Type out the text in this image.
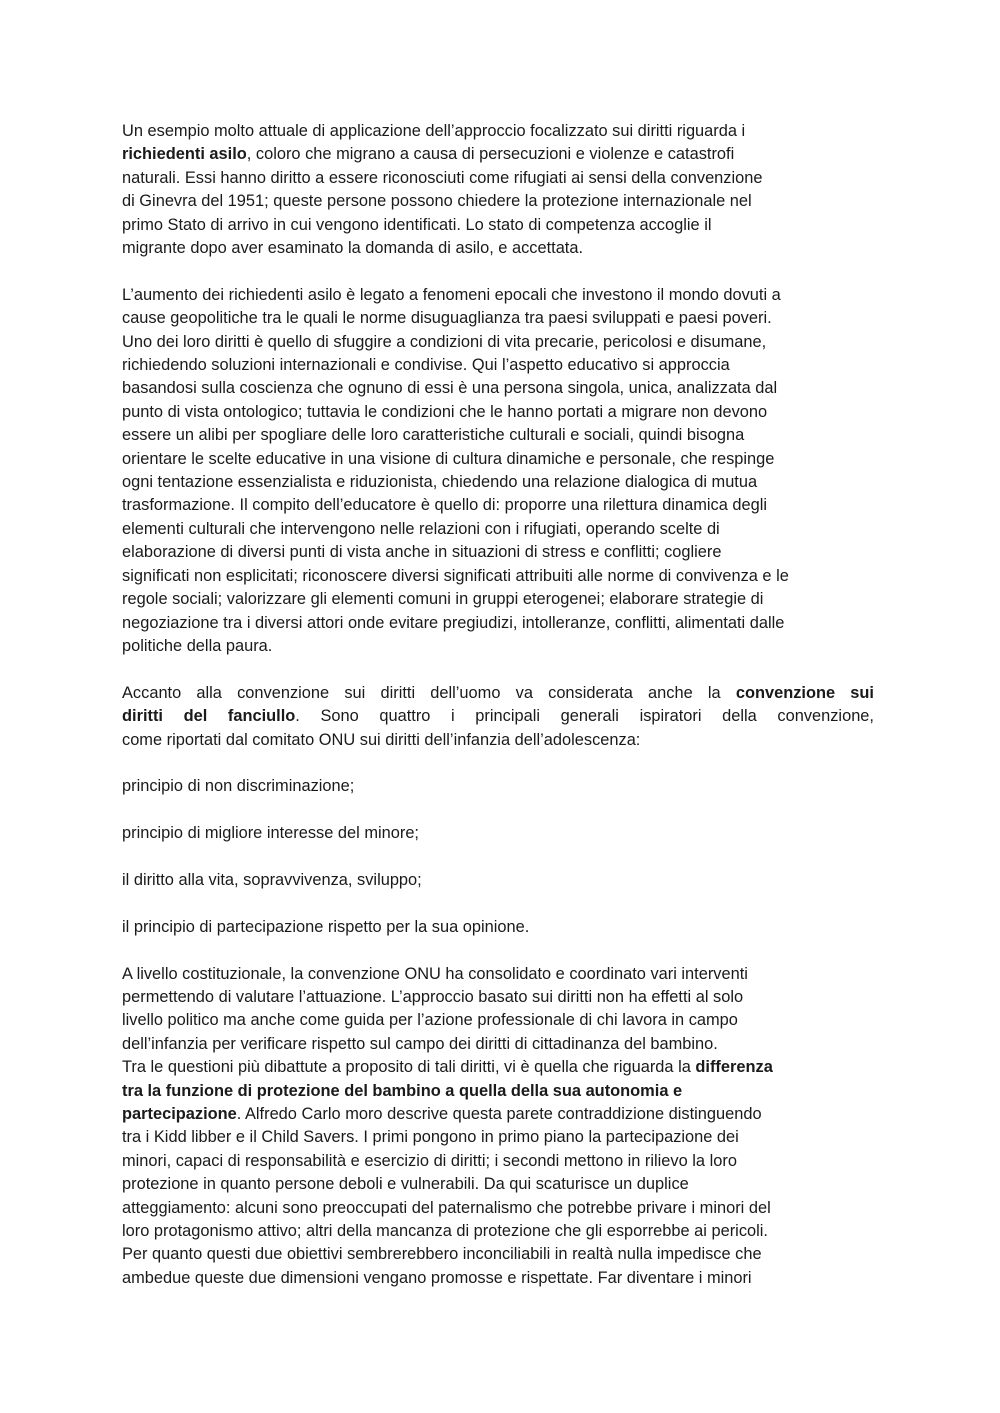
Un esempio molto attuale di applicazione dell’approccio focalizzato sui diritti riguarda i
richiedenti asilo, coloro che migrano a causa di persecuzioni e violenze e catastrofi
naturali. Essi hanno diritto a essere riconosciuti come rifugiati ai sensi della convenzione
di Ginevra del 1951; queste persone possono chiedere la protezione internazionale nel
primo Stato di arrivo in cui vengono identificati. Lo stato di competenza accoglie il
migrante dopo aver esaminato la domanda di asilo, e accettata.
L’aumento dei richiedenti asilo è legato a fenomeni epocali che investono il mondo dovuti a
cause geopolitiche tra le quali le norme disuguaglianza tra paesi sviluppati e paesi poveri.
Uno dei loro diritti è quello di sfuggire a condizioni di vita precarie, pericolosi e disumane,
richiedendo soluzioni internazionali e condivise. Qui l’aspetto educativo si approccia
basandosi sulla coscienza che ognuno di essi è una persona singola, unica, analizzata dal
punto di vista ontologico; tuttavia le condizioni che le hanno portati a migrare non devono
essere un alibi per spogliare delle loro caratteristiche culturali e sociali, quindi bisogna
orientare le scelte educative in una visione di cultura dinamiche e personale, che respinge
ogni tentazione essenzialista e riduzionista, chiedendo una relazione dialogica di mutua
trasformazione. Il compito dell’educatore è quello di: proporre una rilettura dinamica degli
elementi culturali che intervengono nelle relazioni con i rifugiati, operando scelte di
elaborazione di diversi punti di vista anche in situazioni di stress e conflitti; cogliere
significati non esplicitati; riconoscere diversi significati attribuiti alle norme di convivenza e le
regole sociali; valorizzare gli elementi comuni in gruppi eterogenei; elaborare strategie di
negoziazione tra i diversi attori onde evitare pregiudizi, intolleranze, conflitti, alimentati dalle
politiche della paura.
Accanto alla convenzione sui diritti dell’uomo va considerata anche la convenzione sui
diritti del fanciullo. Sono quattro i principali generali ispiratori della convenzione,
come riportati dal comitato ONU sui diritti dell’infanzia dell’adolescenza:
principio di non discriminazione;
principio di migliore interesse del minore;
il diritto alla vita, sopravvivenza, sviluppo;
il principio di partecipazione rispetto per la sua opinione.
A livello costituzionale, la convenzione ONU ha consolidato e coordinato vari interventi
permettendo di valutare l’attuazione. L’approccio basato sui diritti non ha effetti al solo
livello politico ma anche come guida per l’azione professionale di chi lavora in campo
dell’infanzia per verificare rispetto sul campo dei diritti di cittadinanza del bambino.
Tra le questioni più dibattute a proposito di tali diritti, vi è quella che riguarda la differenza
tra la funzione di protezione del bambino a quella della sua autonomia e
partecipazione. Alfredo Carlo moro descrive questa parete contraddizione distinguendo
tra i Kidd libber e il Child Savers. I primi pongono in primo piano la partecipazione dei
minori, capaci di responsabilità e esercizio di diritti; i secondi mettono in rilievo la loro
protezione in quanto persone deboli e vulnerabili. Da qui scaturisce un duplice
atteggiamento: alcuni sono preoccupati del paternalismo che potrebbe privare i minori del
loro protagonismo attivo; altri della mancanza di protezione che gli esporrebbe ai pericoli.
Per quanto questi due obiettivi sembrerebbero inconciliabili in realtà nulla impedisce che
ambedue queste due dimensioni vengano promosse e rispettate. Far diventare i minori
